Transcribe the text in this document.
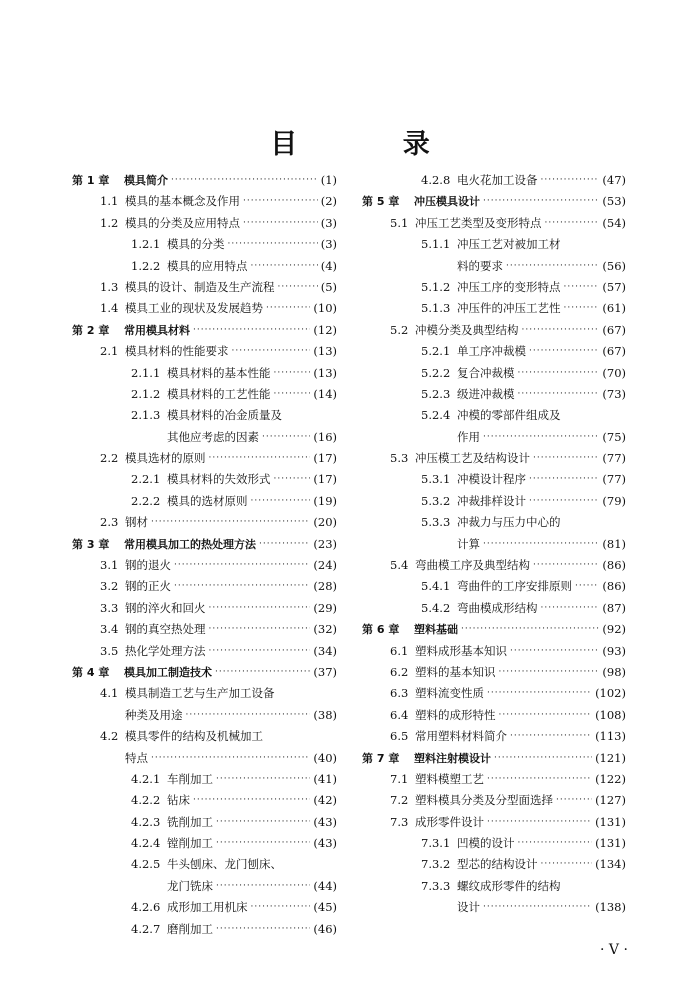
目 录
第 1 章	模具简介 ·····	(1)
1.1 模具的基本概念及作用 ·····	(2)
1.2 模具的分类及应用特点 ·····	(3)
1.2.1 模具的分类 ·····	(3)
1.2.2 模具的应用特点 ·····	(4)
1.3 模具的设计、制造及生产流程 ·····	(5)
1.4 模具工业的现状及发展趋势 ·····	(10)
第 2 章	常用模具材料 ·····	(12)
2.1 模具材料的性能要求 ·····	(13)
2.1.1 模具材料的基本性能 ·····	(13)
2.1.2 模具材料的工艺性能 ·····	(14)
2.1.3 模具材料的冶金质量及
其他应考虑的因素 ·····	(16)
2.2 模具选材的原则 ·····	(17)
2.2.1 模具材料的失效形式 ·····	(17)
2.2.2 模具的选材原则 ·····	(19)
2.3 钢材 ·····	(20)
第 3 章	常用模具加工的热处理方法 ·····	(23)
3.1 钢的退火 ·····	(24)
3.2 钢的正火 ·····	(28)
3.3 钢的淬火和回火 ·····	(29)
3.4 钢的真空热处理 ·····	(32)
3.5 热化学处理方法 ·····	(34)
第 4 章	模具加工制造技术 ·····	(37)
4.1 模具制造工艺与生产加工设备
种类及用途 ·····	(38)
4.2 模具零件的结构及机械加工
特点 ·····	(40)
4.2.1 车削加工 ·····	(41)
4.2.2 钻床 ·····	(42)
4.2.3 铣削加工 ·····	(43)
4.2.4 镗削加工 ·····	(43)
4.2.5 牛头刨床、龙门刨床、
龙门铣床 ·····	(44)
4.2.6 成形加工用机床 ·····	(45)
4.2.7 磨削加工 ·····	(46)
4.2.8 电火花加工设备 ·····	(47)
第 5 章	冲压模具设计 ·····	(53)
5.1 冲压工艺类型及变形特点 ·····	(54)
5.1.1 冲压工艺对被加工材
料的要求 ·····	(56)
5.1.2 冲压工序的变形特点 ·····	(57)
5.1.3 冲压件的冲压工艺性 ·····	(61)
5.2 冲模分类及典型结构 ·····	(67)
5.2.1 单工序冲裁模 ·····	(67)
5.2.2 复合冲裁模 ·····	(70)
5.2.3 级进冲裁模 ·····	(73)
5.2.4 冲模的零部件组成及
作用 ·····	(75)
5.3 冲压模工艺及结构设计 ·····	(77)
5.3.1 冲模设计程序 ·····	(77)
5.3.2 冲裁排样设计 ·····	(79)
5.3.3 冲裁力与压力中心的
计算 ·····	(81)
5.4 弯曲模工序及典型结构 ·····	(86)
5.4.1 弯曲件的工序安排原则 ·····	(86)
5.4.2 弯曲模成形结构 ·····	(87)
第 6 章	塑料基础 ·····	(92)
6.1 塑料成形基本知识 ·····	(93)
6.2 塑料的基本知识 ·····	(98)
6.3 塑料流变性质 ·····	(102)
6.4 塑料的成形特性 ·····	(108)
6.5 常用塑料材料简介 ·····	(113)
第 7 章	塑料注射模设计 ·····	(121)
7.1 塑料模塑工艺 ·····	(122)
7.2 塑料模具分类及分型面选择 ·····	(127)
7.3 成形零件设计 ·····	(131)
7.3.1 凹模的设计 ·····	(131)
7.3.2 型芯的结构设计 ·····	(134)
7.3.3 螺纹成形零件的结构
设计 ·····	(138)
· V ·
